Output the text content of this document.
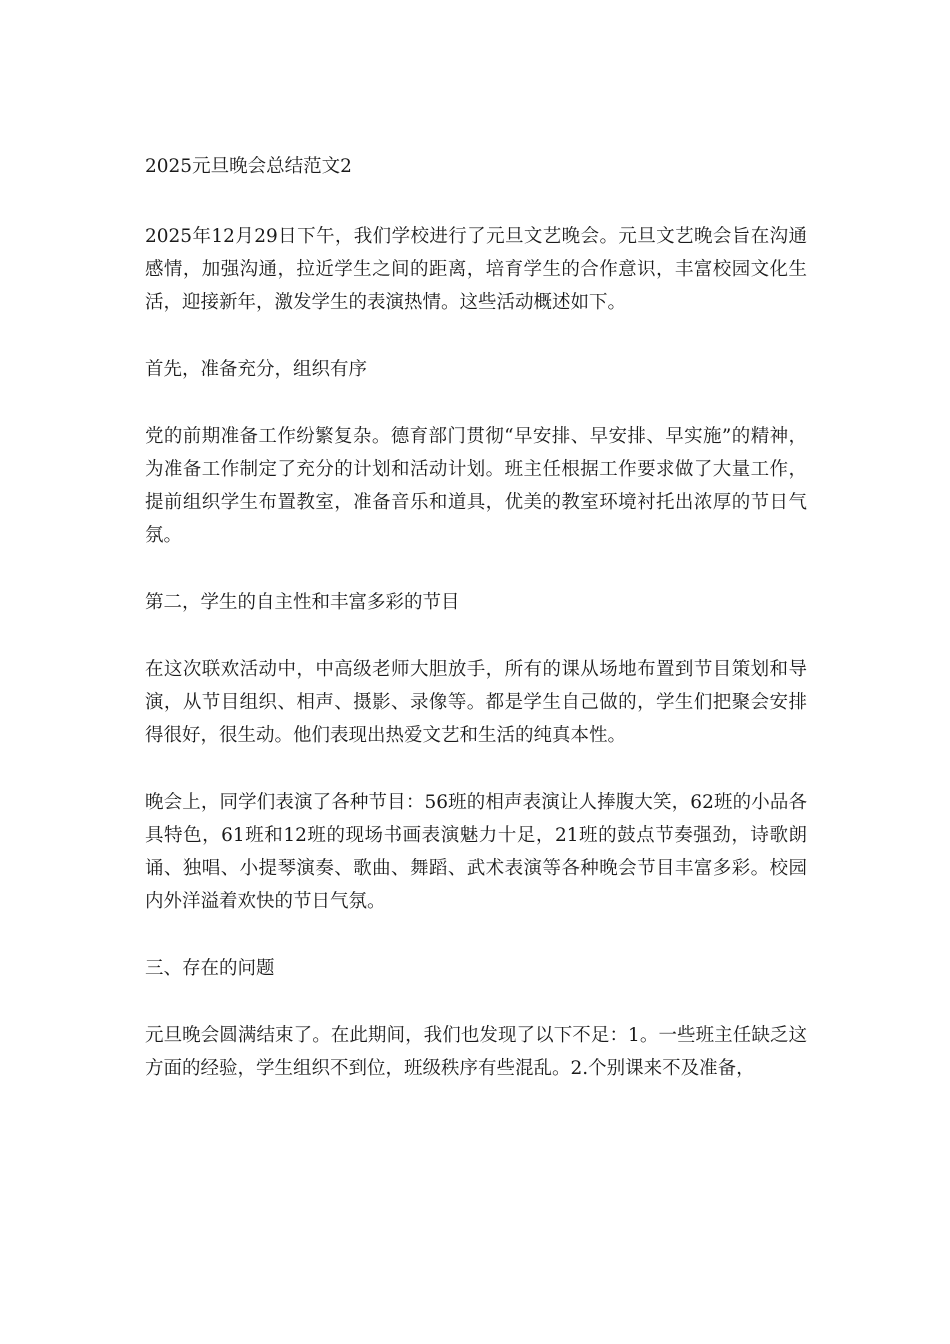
2025元旦晚会总结范文2

2025年12月29日下午，我们学校进行了元旦文艺晚会。元旦文艺晚会旨在沟通感情，加强沟通，拉近学生之间的距离，培育学生的合作意识，丰富校园文化生活，迎接新年，激发学生的表演热情。这些活动概述如下。

首先，准备充分，组织有序

党的前期准备工作纷繁复杂。德育部门贯彻“早安排、早安排、早实施”的精神，为准备工作制定了充分的计划和活动计划。班主任根据工作要求做了大量工作，提前组织学生布置教室，准备音乐和道具，优美的教室环境衬托出浓厚的节日气氛。

第二，学生的自主性和丰富多彩的节目

在这次联欢活动中，中高级老师大胆放手，所有的课从场地布置到节目策划和导演，从节目组织、相声、摄影、录像等。都是学生自己做的，学生们把聚会安排得很好，很生动。他们表现出热爱文艺和生活的纯真本性。

晚会上，同学们表演了各种节目：56班的相声表演让人捧腹大笑，62班的小品各具特色，61班和12班的现场书画表演魅力十足，21班的鼓点节奏强劲，诗歌朗诵、独唱、小提琴演奏、歌曲、舞蹈、武术表演等各种晚会节目丰富多彩。校园内外洋溢着欢快的节日气氛。

三、存在的问题

元旦晚会圆满结束了。在此期间，我们也发现了以下不足：1。一些班主任缺乏这方面的经验，学生组织不到位，班级秩序有些混乱。2.个别课来不及准备，
